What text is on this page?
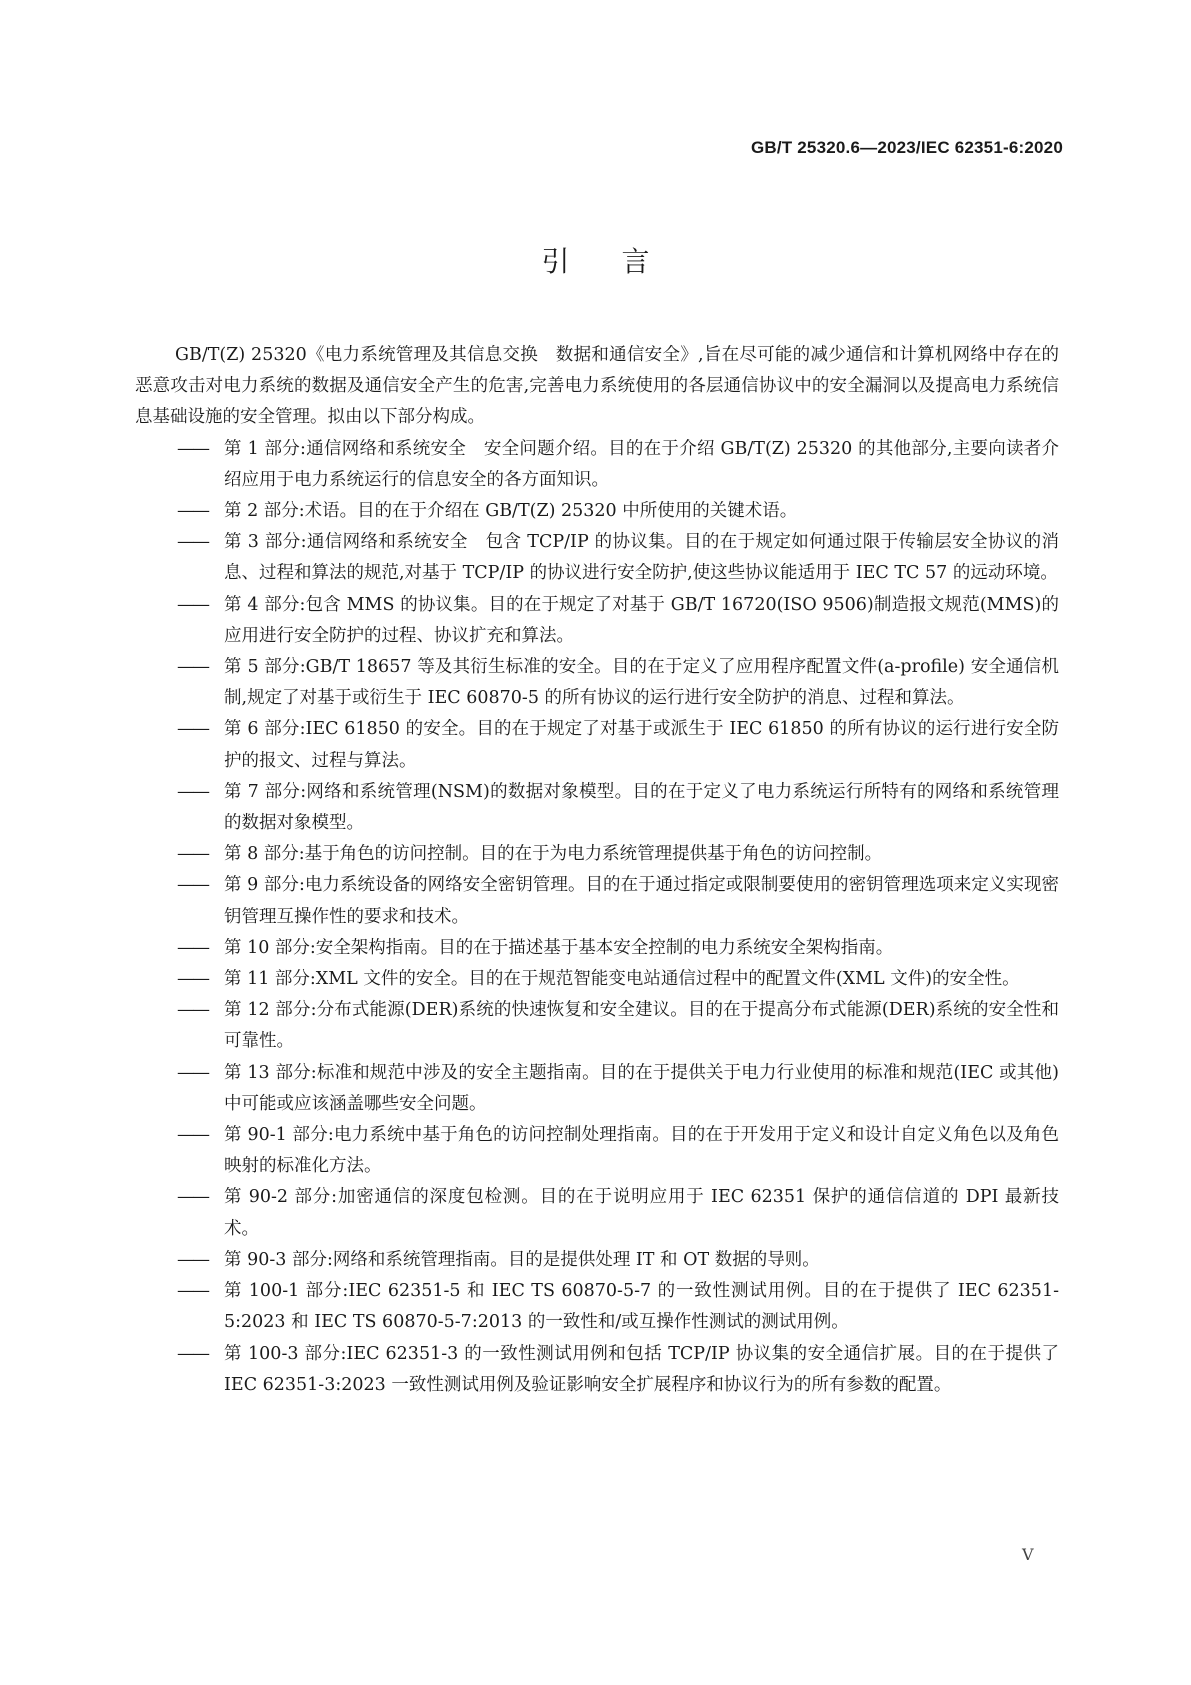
GB/T 25320.6—2023/IEC 62351-6:2020
引言

GB/T(Z) 25320《电力系统管理及其信息交换　数据和通信安全》,旨在尽可能的减少通信和计算机网络中存在的恶意攻击对电力系统的数据及通信安全产生的危害,完善电力系统使用的各层通信协议中的安全漏洞以及提高电力系统信息基础设施的安全管理。拟由以下部分构成。

—— 第 1 部分:通信网络和系统安全　安全问题介绍。目的在于介绍 GB/T(Z) 25320 的其他部分,主要向读者介绍应用于电力系统运行的信息安全的各方面知识。

—— 第 2 部分:术语。目的在于介绍在 GB/T(Z) 25320 中所使用的关键术语。

—— 第 3 部分:通信网络和系统安全　包含 TCP/IP 的协议集。目的在于规定如何通过限于传输层安全协议的消息、过程和算法的规范,对基于 TCP/IP 的协议进行安全防护,使这些协议能适用于 IEC TC 57 的远动环境。

—— 第 4 部分:包含 MMS 的协议集。目的在于规定了对基于 GB/T 16720(ISO 9506)制造报文规范(MMS)的应用进行安全防护的过程、协议扩充和算法。

—— 第 5 部分:GB/T 18657 等及其衍生标准的安全。目的在于定义了应用程序配置文件(a-profile) 安全通信机制,规定了对基于或衍生于 IEC 60870-5 的所有协议的运行进行安全防护的消息、过程和算法。

—— 第 6 部分:IEC 61850 的安全。目的在于规定了对基于或派生于 IEC 61850 的所有协议的运行进行安全防护的报文、过程与算法。

—— 第 7 部分:网络和系统管理(NSM)的数据对象模型。目的在于定义了电力系统运行所特有的网络和系统管理的数据对象模型。

—— 第 8 部分:基于角色的访问控制。目的在于为电力系统管理提供基于角色的访问控制。

—— 第 9 部分:电力系统设备的网络安全密钥管理。目的在于通过指定或限制要使用的密钥管理选项来定义实现密钥管理互操作性的要求和技术。

—— 第 10 部分:安全架构指南。目的在于描述基于基本安全控制的电力系统安全架构指南。

—— 第 11 部分:XML 文件的安全。目的在于规范智能变电站通信过程中的配置文件(XML 文件)的安全性。

—— 第 12 部分:分布式能源(DER)系统的快速恢复和安全建议。目的在于提高分布式能源(DER)系统的安全性和可靠性。

—— 第 13 部分:标准和规范中涉及的安全主题指南。目的在于提供关于电力行业使用的标准和规范(IEC 或其他)中可能或应该涵盖哪些安全问题。

—— 第 90-1 部分:电力系统中基于角色的访问控制处理指南。目的在于开发用于定义和设计自定义角色以及角色映射的标准化方法。

—— 第 90-2 部分:加密通信的深度包检测。目的在于说明应用于 IEC 62351 保护的通信信道的 DPI 最新技术。

—— 第 90-3 部分:网络和系统管理指南。目的是提供处理 IT 和 OT 数据的导则。

—— 第 100-1 部分:IEC 62351-5 和 IEC TS 60870-5-7 的一致性测试用例。目的在于提供了 IEC 62351-5:2023 和 IEC TS 60870-5-7:2013 的一致性和/或互操作性测试的测试用例。

—— 第 100-3 部分:IEC 62351-3 的一致性测试用例和包括 TCP/IP 协议集的安全通信扩展。目的在于提供了 IEC 62351-3:2023 一致性测试用例及验证影响安全扩展程序和协议行为的所有参数的配置。

V
